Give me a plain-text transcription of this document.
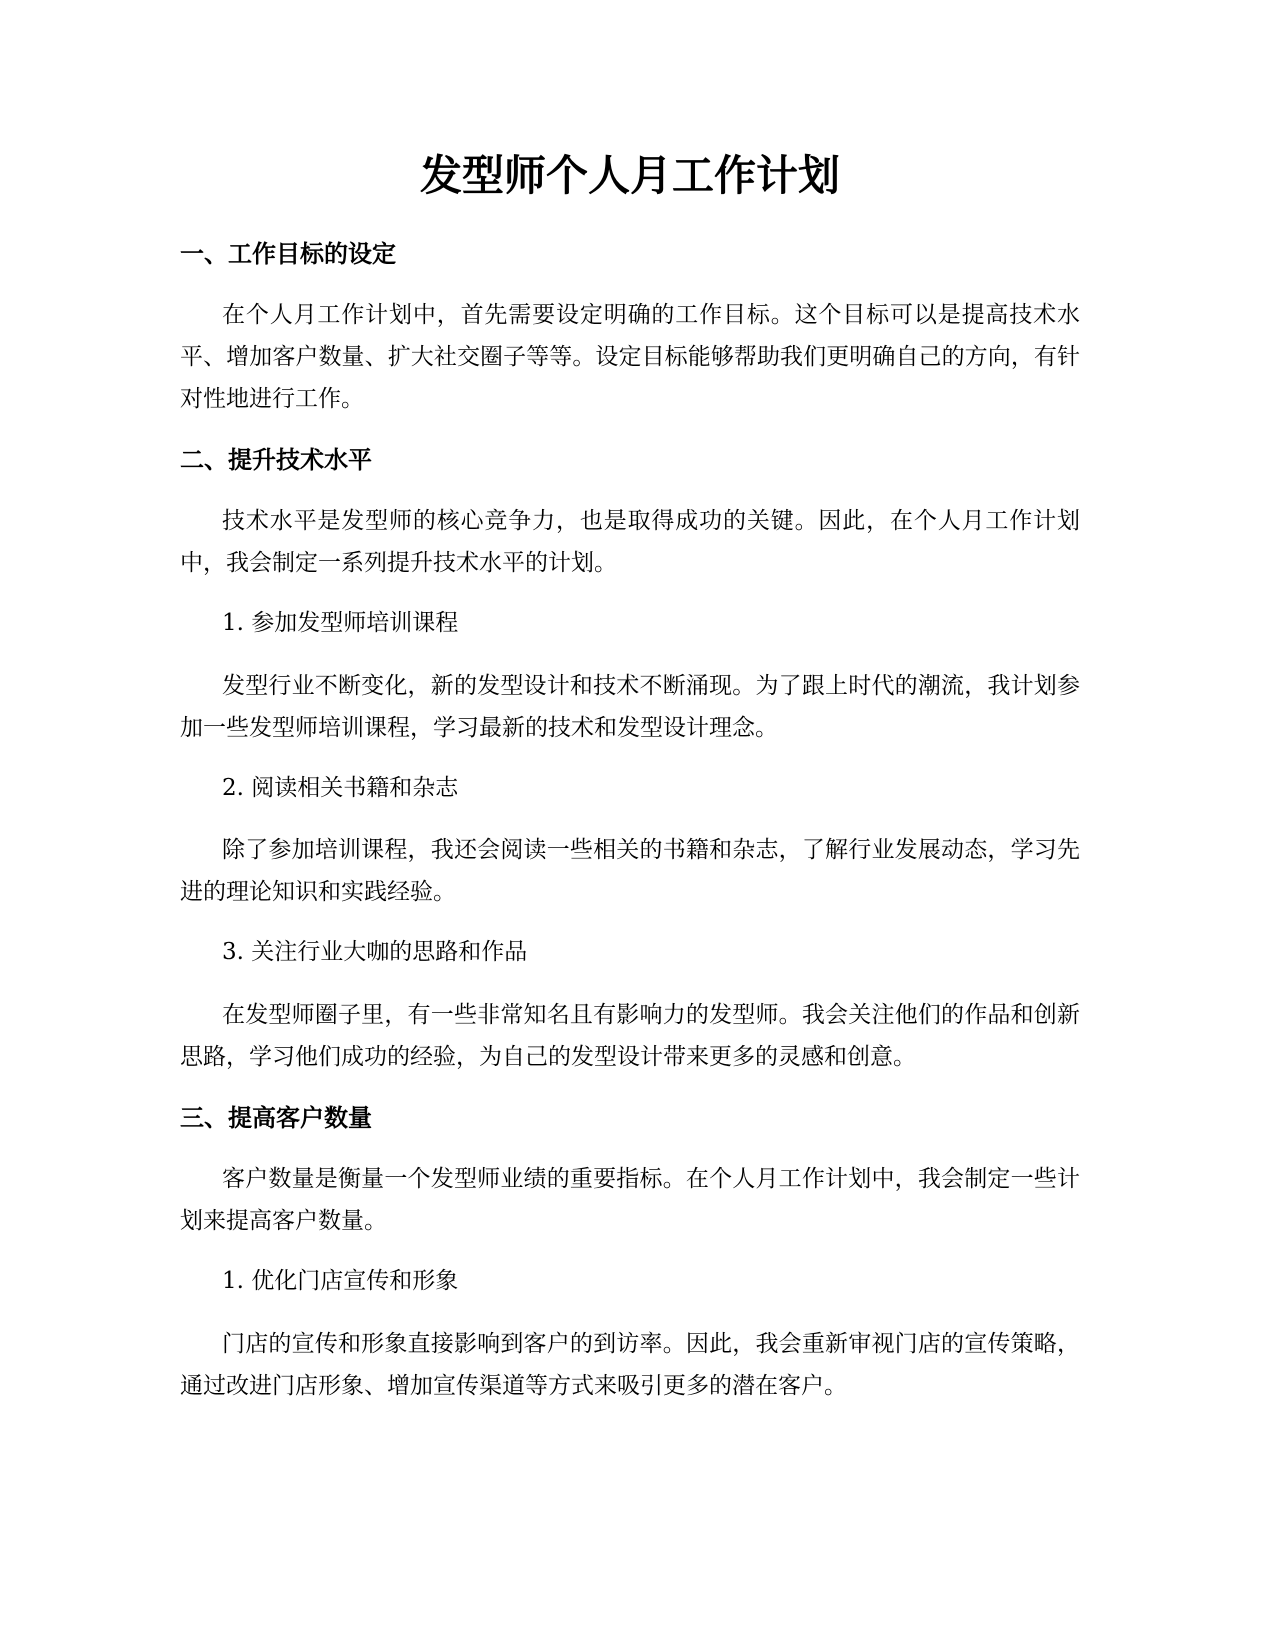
发型师个人月工作计划
一、工作目标的设定

在个人月工作计划中，首先需要设定明确的工作目标。这个目标可以是提高技术水平、增加客户数量、扩大社交圈子等等。设定目标能够帮助我们更明确自己的方向，有针对性地进行工作。

二、提升技术水平

技术水平是发型师的核心竞争力，也是取得成功的关键。因此，在个人月工作计划中，我会制定一系列提升技术水平的计划。

1. 参加发型师培训课程

发型行业不断变化，新的发型设计和技术不断涌现。为了跟上时代的潮流，我计划参加一些发型师培训课程，学习最新的技术和发型设计理念。

2. 阅读相关书籍和杂志

除了参加培训课程，我还会阅读一些相关的书籍和杂志，了解行业发展动态，学习先进的理论知识和实践经验。

3. 关注行业大咖的思路和作品

在发型师圈子里，有一些非常知名且有影响力的发型师。我会关注他们的作品和创新思路，学习他们成功的经验，为自己的发型设计带来更多的灵感和创意。

三、提高客户数量

客户数量是衡量一个发型师业绩的重要指标。在个人月工作计划中，我会制定一些计划来提高客户数量。

1. 优化门店宣传和形象

门店的宣传和形象直接影响到客户的到访率。因此，我会重新审视门店的宣传策略，通过改进门店形象、增加宣传渠道等方式来吸引更多的潜在客户。
